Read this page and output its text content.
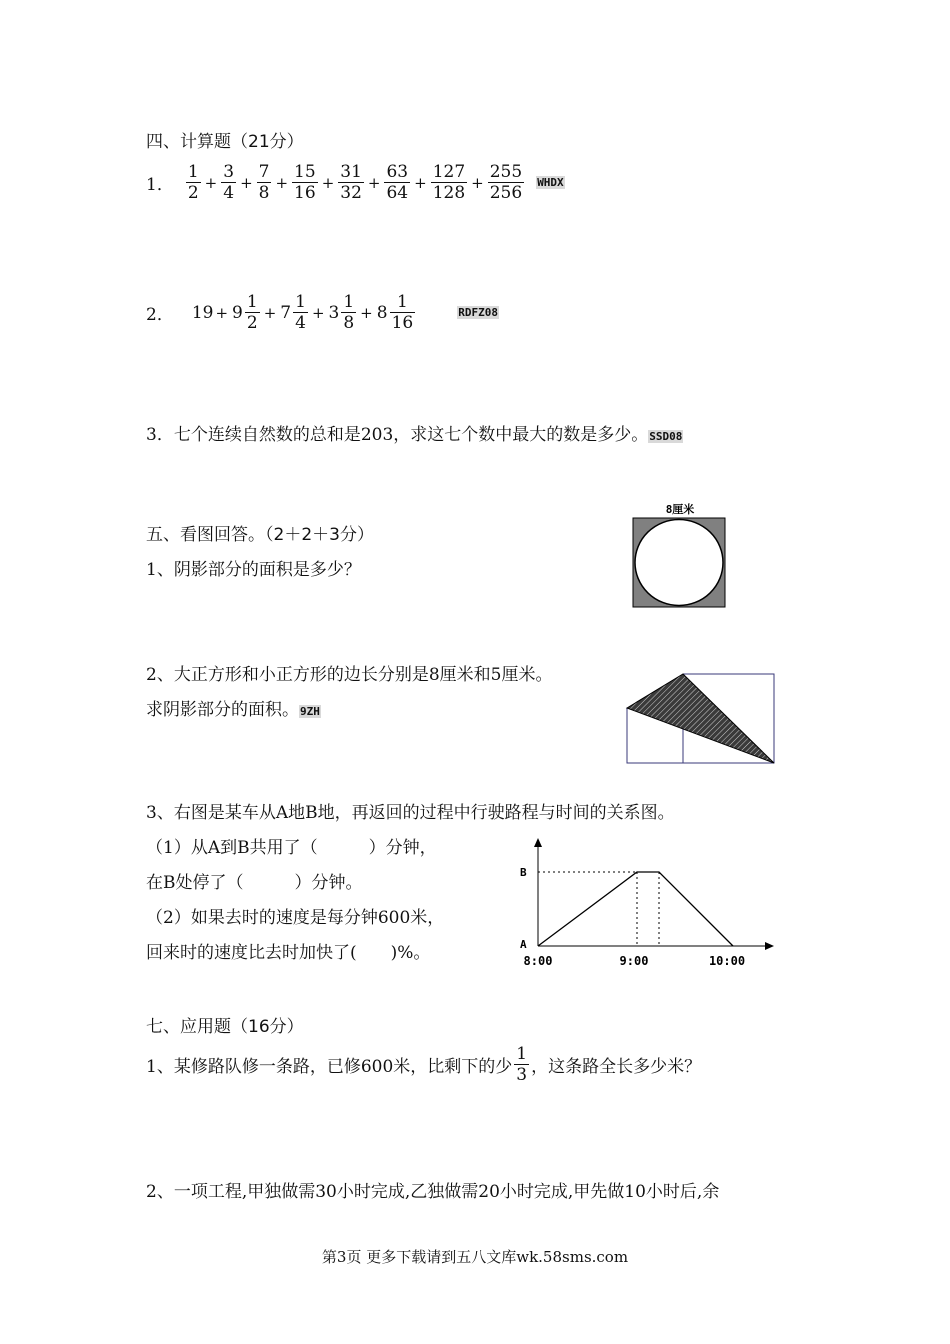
四、计算题（21分）
1． $\frac{1}{2} + \frac{3}{4} + \frac{7}{8} + \frac{15}{16} + \frac{31}{32} + \frac{63}{64} + \frac{127}{128} + \frac{255}{256}$ WHDX
2． $19 + 9 \frac{1}{2} + 7 \frac{1}{4} + 3 \frac{1}{8} + 8 \frac{1}{16}$	RDFZ08
3．七个连续自然数的总和是203，求这七个数中最大的数是多少。SSD08
五、看图回答。（2＋2＋3分）
1、阴影部分的面积是多少？
8厘米
2、大正方形和小正方形的边长分别是8厘米和5厘米。
求阴影部分的面积。9ZH
3、右图是某车从A地B地，再返回的过程中行驶路程与时间的关系图。
（1）从A到B共用了（　　　）分钟，
在B处停了（　　　）分钟。
（2）如果去时的速度是每分钟600米，
回来时的速度比去时加快了(　　)%。
B
A
8:00	9:00	10:00
七、应用题（16分）
1、某修路队修一条路，已修600米，比剩下的少 $\frac{1}{3}$ ，这条路全长多少米？
2、一项工程,甲独做需30小时完成,乙独做需20小时完成,甲先做10小时后,余
第3页 更多下载请到五八文库wk.58sms.com
